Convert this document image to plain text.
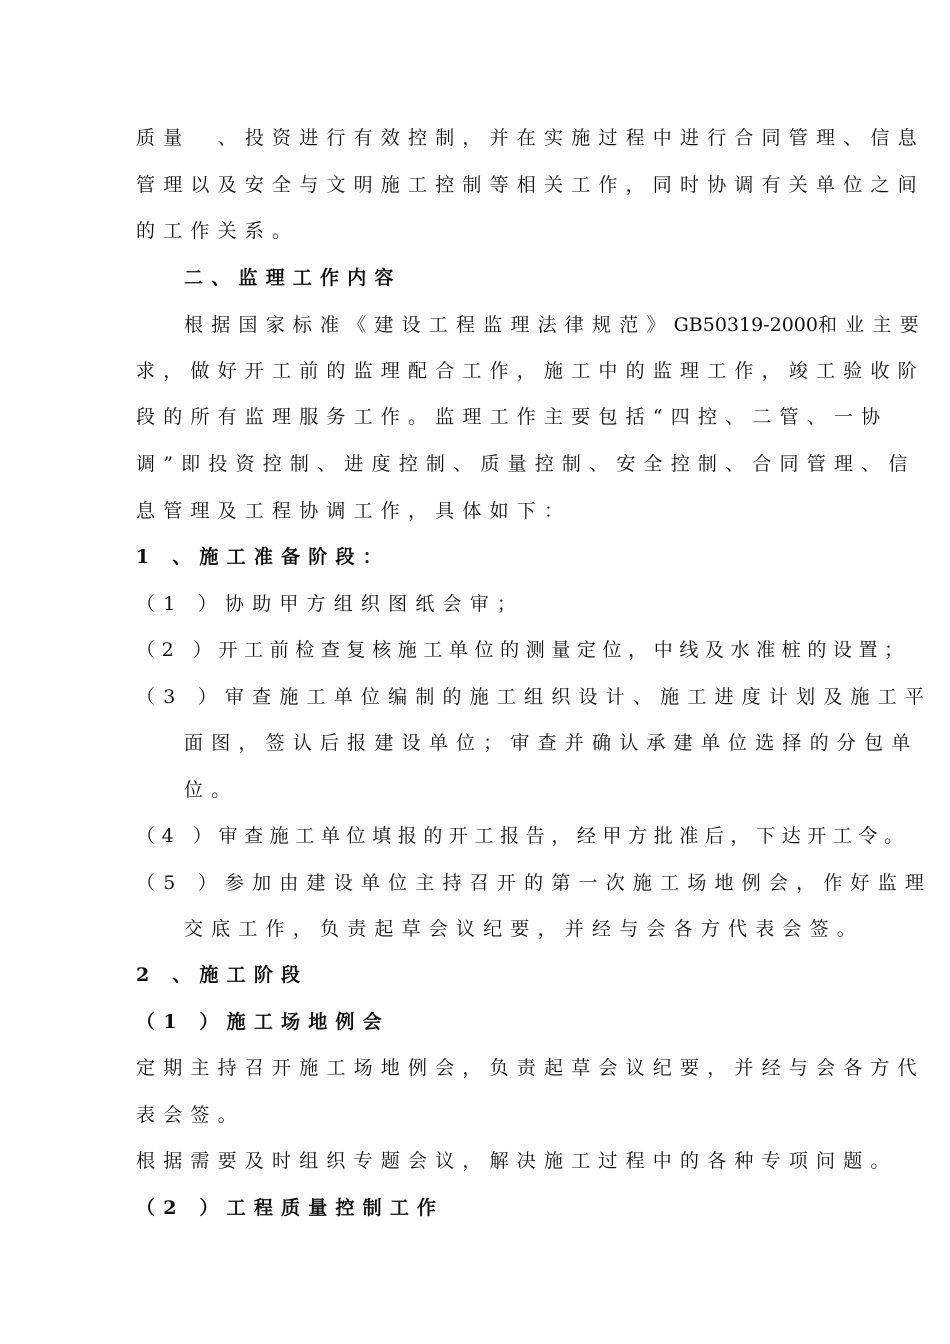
质量　、投资进行有效控制，并在实施过程中进行合同管理、信息
管理以及安全与文明施工控制等相关工作，同时协调有关单位之间
的工作关系。
二、监理工作内容
根据国家标准《建设工程监理法律规范》GB50319-2000和业主要
求，做好开工前的监理配合工作，施工中的监理工作，竣工验收阶
段的所有监理服务工作。监理工作主要包括“四控、二管、一协
调”即投资控制、进度控制、质量控制、安全控制、合同管理、信
息管理及工程协调工作，具体如下：
1 、施工准备阶段：
（1 ）协助甲方组织图纸会审；
（2 ）开工前检查复核施工单位的测量定位，中线及水准桩的设置；
（3 ）审查施工单位编制的施工组织设计、施工进度计划及施工平
面图，签认后报建设单位；审查并确认承建单位选择的分包单
位。
（4 ）审查施工单位填报的开工报告，经甲方批准后，下达开工令。
（5 ）参加由建设单位主持召开的第一次施工场地例会，作好监理
交底工作，负责起草会议纪要，并经与会各方代表会签。
2 、施工阶段
（1 ）施工场地例会
定期主持召开施工场地例会，负责起草会议纪要，并经与会各方代
表会签。
根据需要及时组织专题会议，解决施工过程中的各种专项问题。
（2 ）工程质量控制工作
